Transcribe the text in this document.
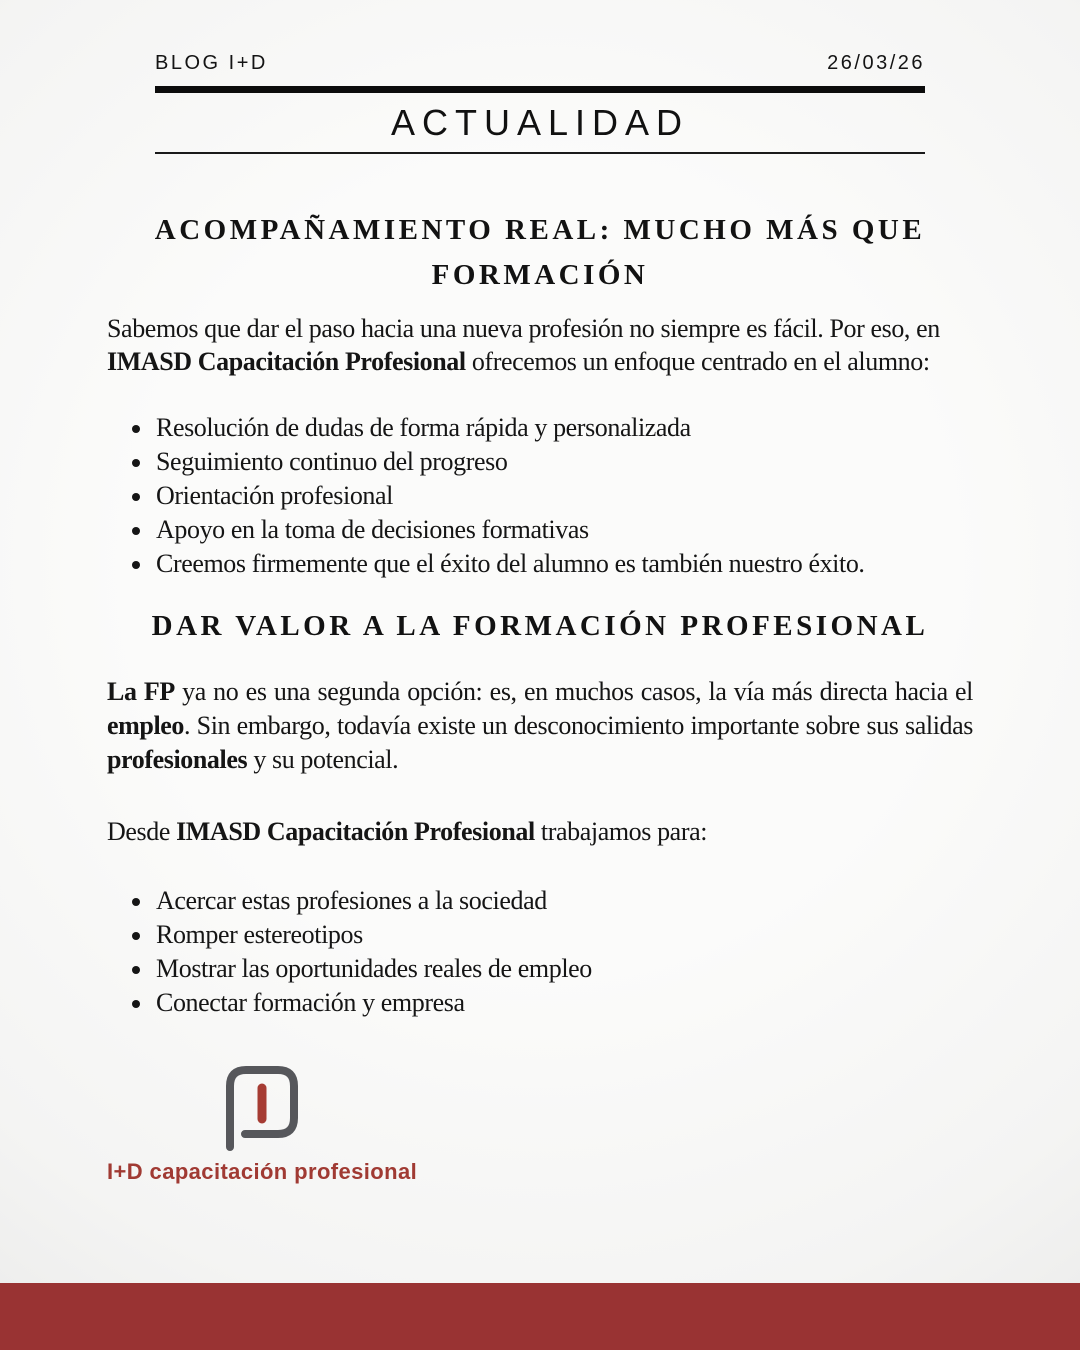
BLOG I+D	26/03/26
ACTUALIDAD
ACOMPAÑAMIENTO REAL: MUCHO MÁS QUE FORMACIÓN

Sabemos que dar el paso hacia una nueva profesión no siempre es fácil. Por eso, en IMASD Capacitación Profesional ofrecemos un enfoque centrado en el alumno:

• Resolución de dudas de forma rápida y personalizada
• Seguimiento continuo del progreso
• Orientación profesional
• Apoyo en la toma de decisiones formativas
• Creemos firmemente que el éxito del alumno es también nuestro éxito.
DAR VALOR A LA FORMACIÓN PROFESIONAL

La FP ya no es una segunda opción: es, en muchos casos, la vía más directa hacia el empleo. Sin embargo, todavía existe un desconocimiento importante sobre sus salidas profesionales y su potencial.

Desde IMASD Capacitación Profesional trabajamos para:

• Acercar estas profesiones a la sociedad
• Romper estereotipos
• Mostrar las oportunidades reales de empleo
• Conectar formación y empresa
I+D capacitación profesional
